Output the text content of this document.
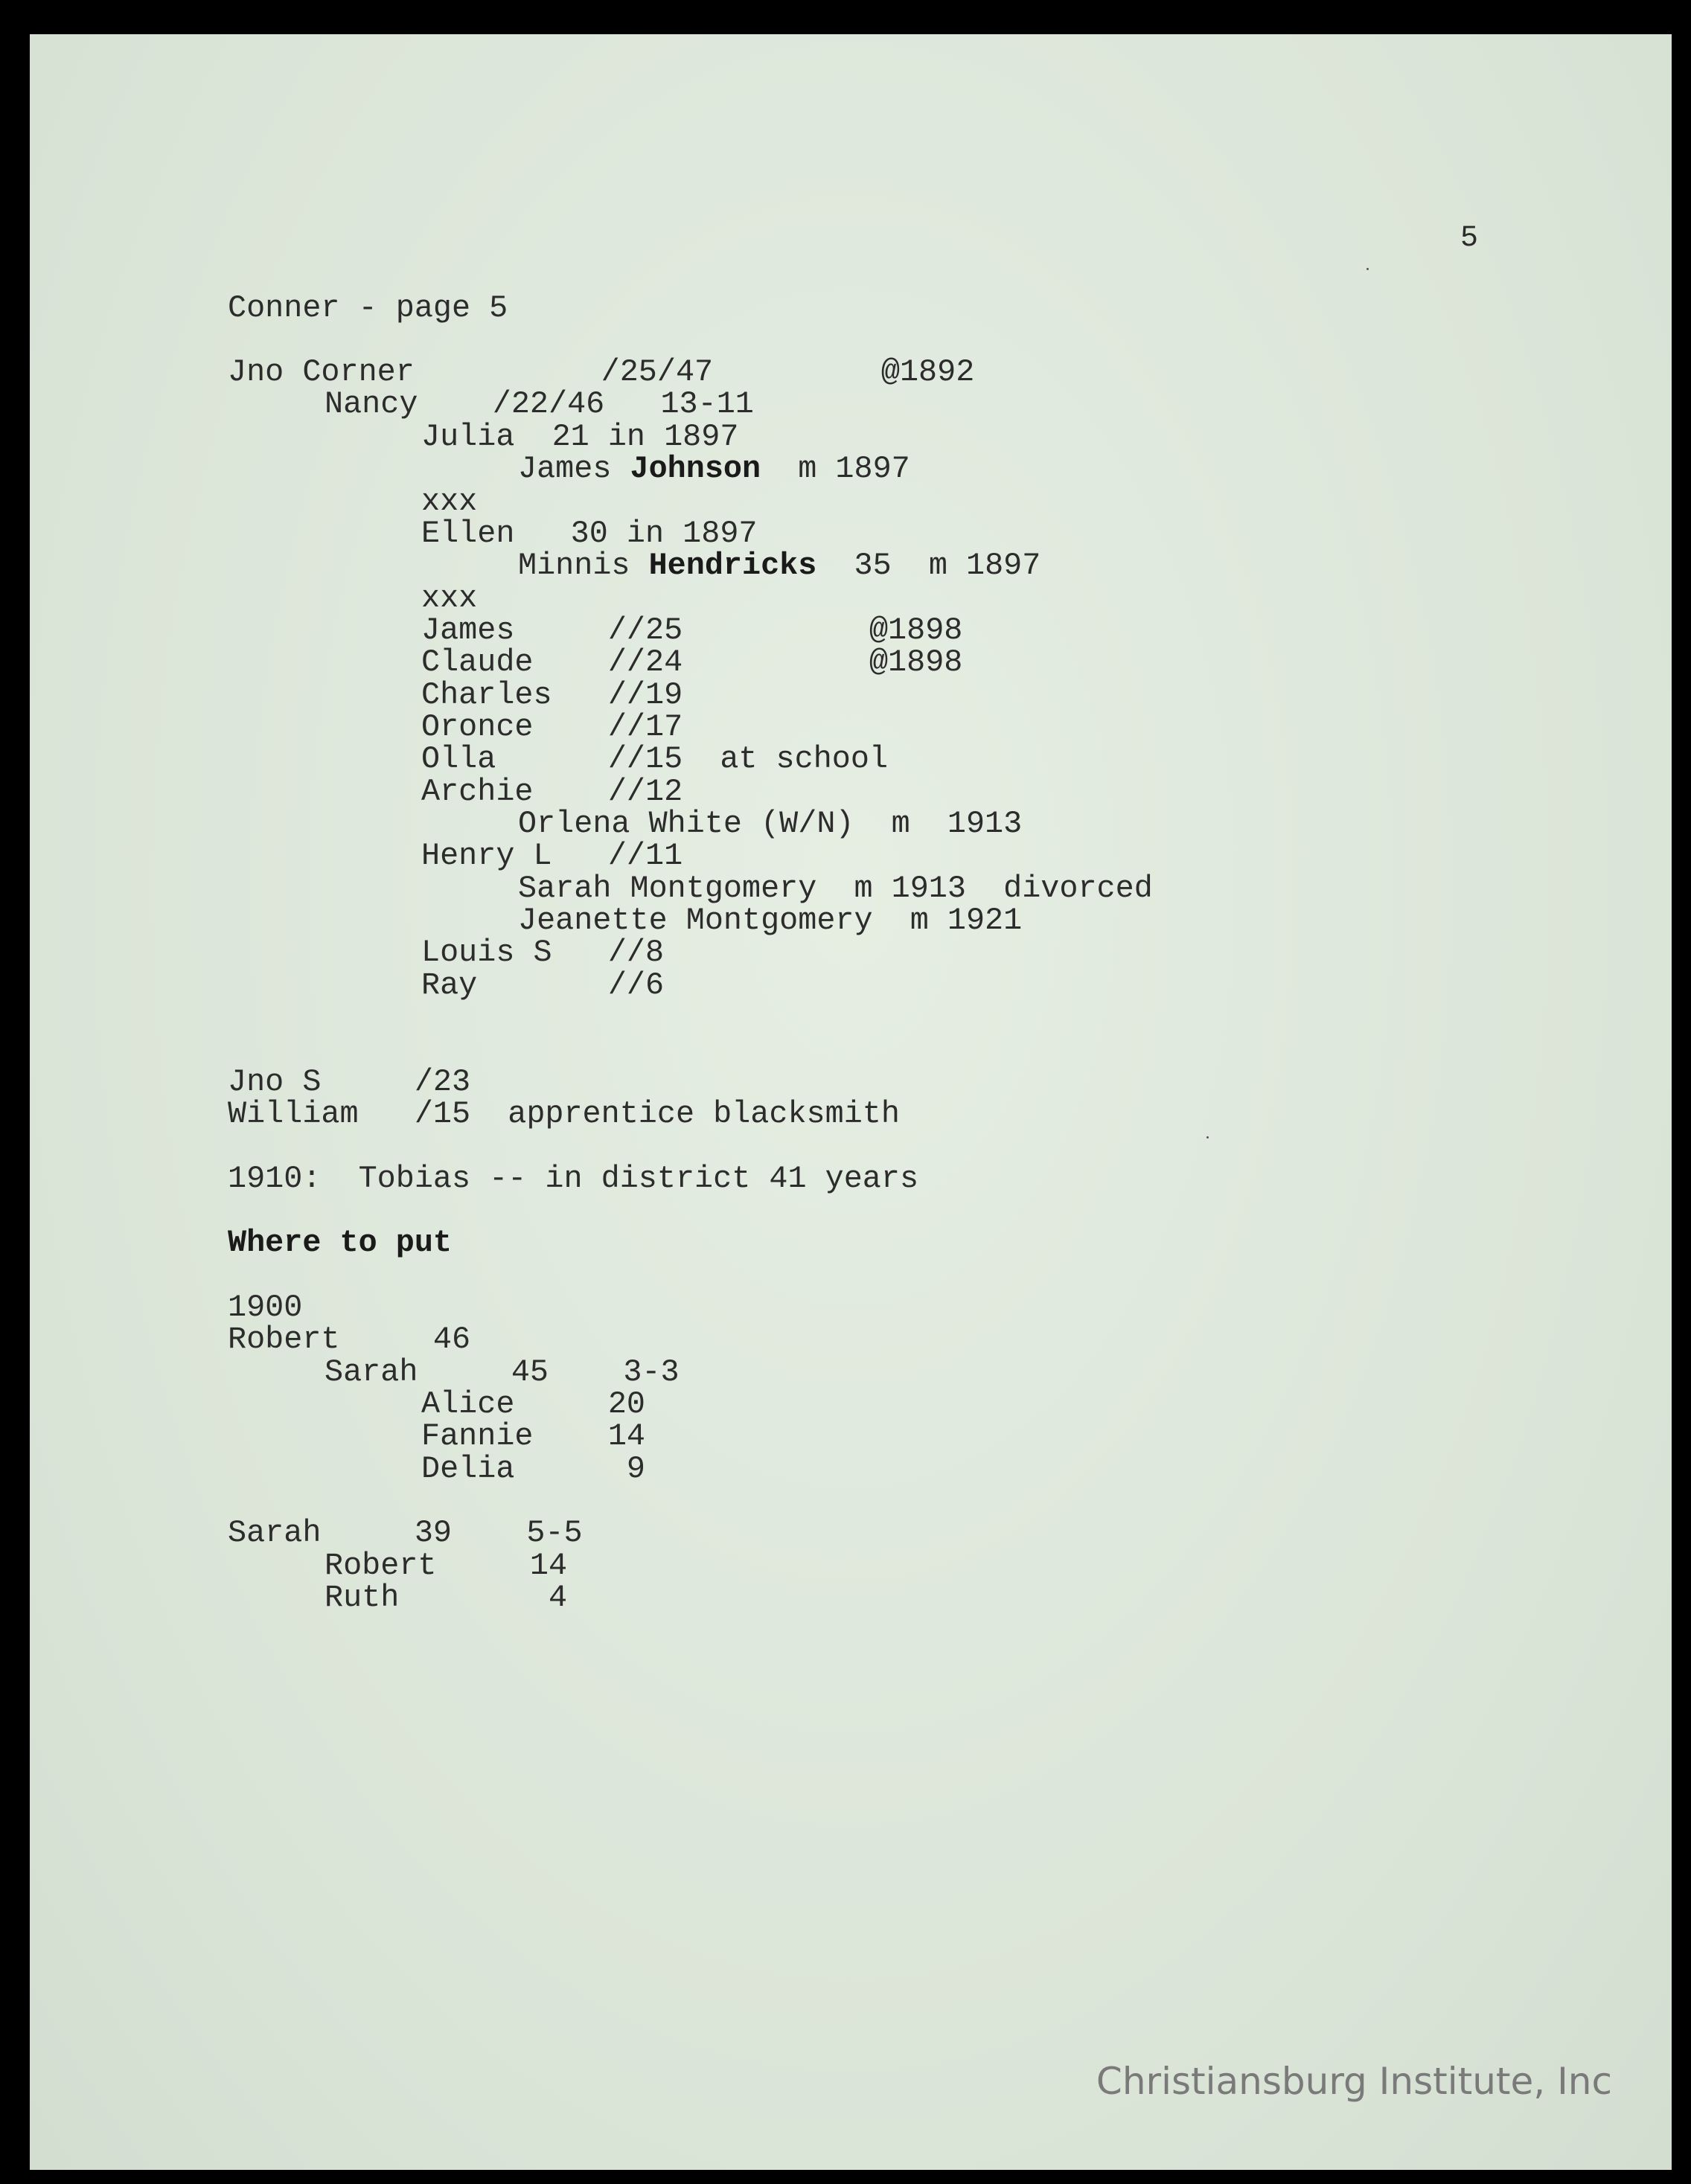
5

Conner - page 5

Jno Corner          /25/47         @1892

Nancy    /22/46   13-11

Julia  21 in 1897

James Johnson  m 1897

xxx

Ellen   30 in 1897

Minnis Hendricks  35  m 1897

xxx

James     //25          @1898

Claude    //24          @1898

Charles   //19

Oronce    //17

Olla      //15  at school

Archie    //12

Orlena White (W/N)  m  1913

Henry L   //11

Sarah Montgomery  m 1913  divorced

Jeanette Montgomery  m 1921

Louis S   //8

Ray       //6

Jno S     /23

William   /15  apprentice blacksmith

1910:  Tobias -- in district 41 years

Where to put

1900

Robert     46

Sarah     45    3-3

Alice     20

Fannie    14

Delia      9

Sarah     39    5-5

Robert     14

Ruth        4

Christiansburg Institute, Inc
